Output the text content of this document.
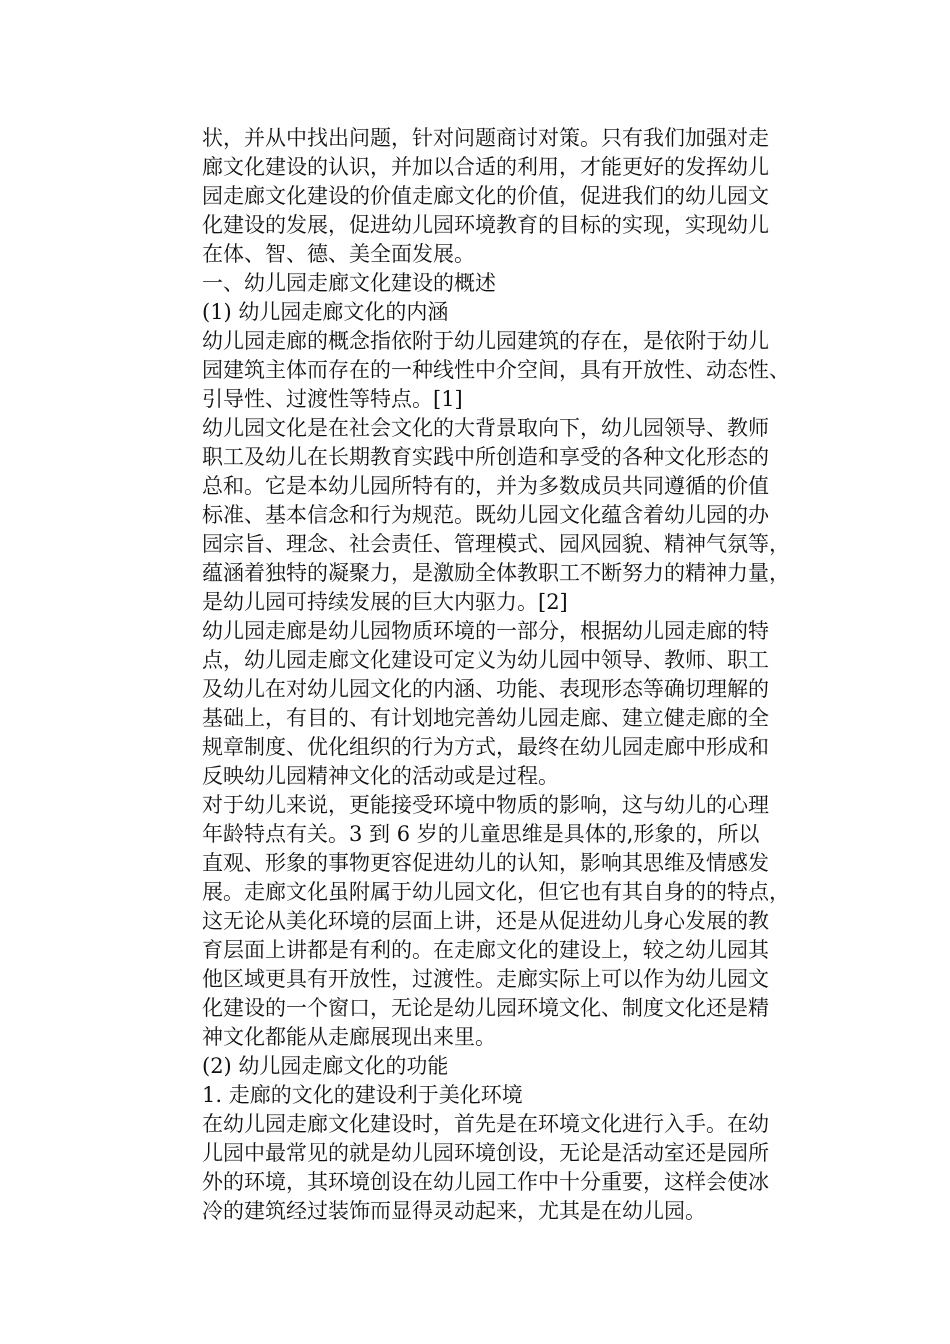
状，并从中找出问题，针对问题商讨对策。只有我们加强对走
廊文化建设的认识，并加以合适的利用，才能更好的发挥幼儿
园走廊文化建设的价值走廊文化的价值，促进我们的幼儿园文
化建设的发展，促进幼儿园环境教育的目标的实现，实现幼儿
在体、智、德、美全面发展。
一、幼儿园走廊文化建设的概述
(1) 幼儿园走廊文化的内涵
幼儿园走廊的概念指依附于幼儿园建筑的存在，是依附于幼儿
园建筑主体而存在的一种线性中介空间，具有开放性、动态性、
引导性、过渡性等特点。[1]
幼儿园文化是在社会文化的大背景取向下，幼儿园领导、教师
职工及幼儿在长期教育实践中所创造和享受的各种文化形态的
总和。它是本幼儿园所特有的，并为多数成员共同遵循的价值
标准、基本信念和行为规范。既幼儿园文化蕴含着幼儿园的办
园宗旨、理念、社会责任、管理模式、园风园貌、精神气氛等，
蕴涵着独特的凝聚力，是激励全体教职工不断努力的精神力量，
是幼儿园可持续发展的巨大内驱力。[2]
幼儿园走廊是幼儿园物质环境的一部分，根据幼儿园走廊的特
点，幼儿园走廊文化建设可定义为幼儿园中领导、教师、职工
及幼儿在对幼儿园文化的内涵、功能、表现形态等确切理解的
基础上，有目的、有计划地完善幼儿园走廊、建立健走廊的全
规章制度、优化组织的行为方式，最终在幼儿园走廊中形成和
反映幼儿园精神文化的活动或是过程。
对于幼儿来说，更能接受环境中物质的影响，这与幼儿的心理
年龄特点有关。3 到 6 岁的儿童思维是具体的,形象的，所以
直观、形象的事物更容促进幼儿的认知，影响其思维及情感发
展。走廊文化虽附属于幼儿园文化，但它也有其自身的的特点，
这无论从美化环境的层面上讲，还是从促进幼儿身心发展的教
育层面上讲都是有利的。在走廊文化的建设上，较之幼儿园其
他区域更具有开放性，过渡性。走廊实际上可以作为幼儿园文
化建设的一个窗口，无论是幼儿园环境文化、制度文化还是精
神文化都能从走廊展现出来里。
(2) 幼儿园走廊文化的功能
1. 走廊的文化的建设利于美化环境
在幼儿园走廊文化建设时，首先是在环境文化进行入手。在幼
儿园中最常见的就是幼儿园环境创设，无论是活动室还是园所
外的环境，其环境创设在幼儿园工作中十分重要，这样会使冰
冷的建筑经过装饰而显得灵动起来，尤其是在幼儿园。
